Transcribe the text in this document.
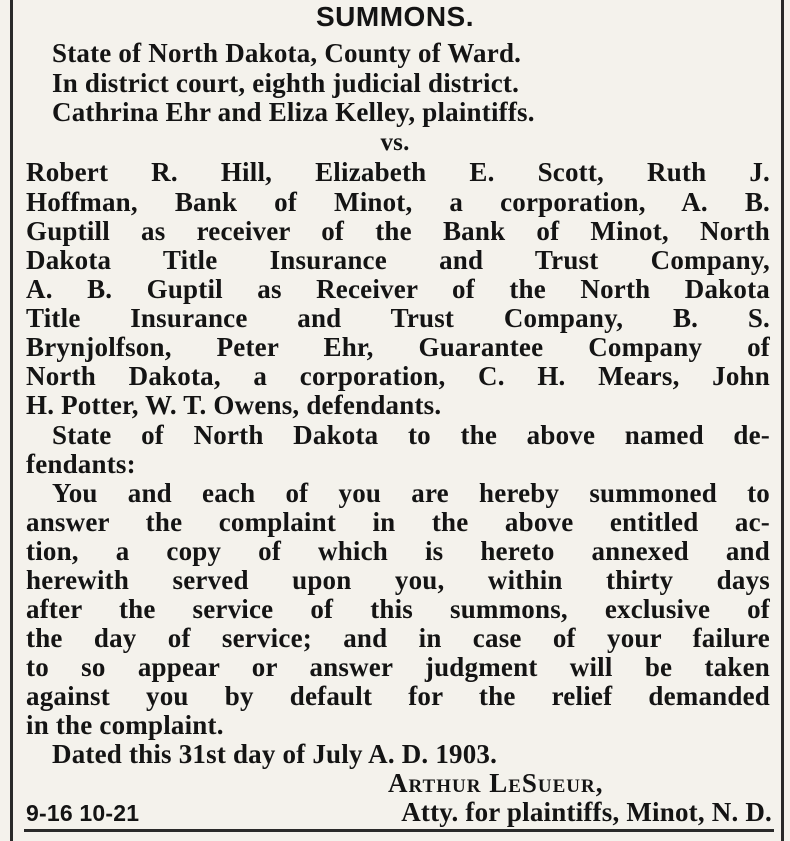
SUMMONS.
State of North Dakota, County of Ward.
In district court, eighth judicial district.
Cathrina Ehr and Eliza Kelley, plaintiffs.
vs.
Robert R. Hill, Elizabeth E. Scott, Ruth J.
Hoffman, Bank of Minot, a corporation, A. B.
Guptill as receiver of the Bank of Minot, North
Dakota Title Insurance and Trust Company,
A. B. Guptil as Receiver of the North Dakota
Title Insurance and Trust Company, B. S.
Brynjolfson, Peter Ehr, Guarantee Company of
North Dakota, a corporation, C. H. Mears, John
H. Potter, W. T. Owens, defendants.
State of North Dakota to the above named de-
fendants:
You and each of you are hereby summoned to
answer the complaint in the above entitled ac-
tion, a copy of which is hereto annexed and
herewith served upon you, within thirty days
after the service of this summons, exclusive of
the day of service; and in case of your failure
to so appear or answer judgment will be taken
against you by default for the relief demanded
in the complaint.
Dated this 31st day of July A. D. 1903.
Arthur LeSueur,
9-16 10-21	Atty. for plaintiffs, Minot, N. D.
